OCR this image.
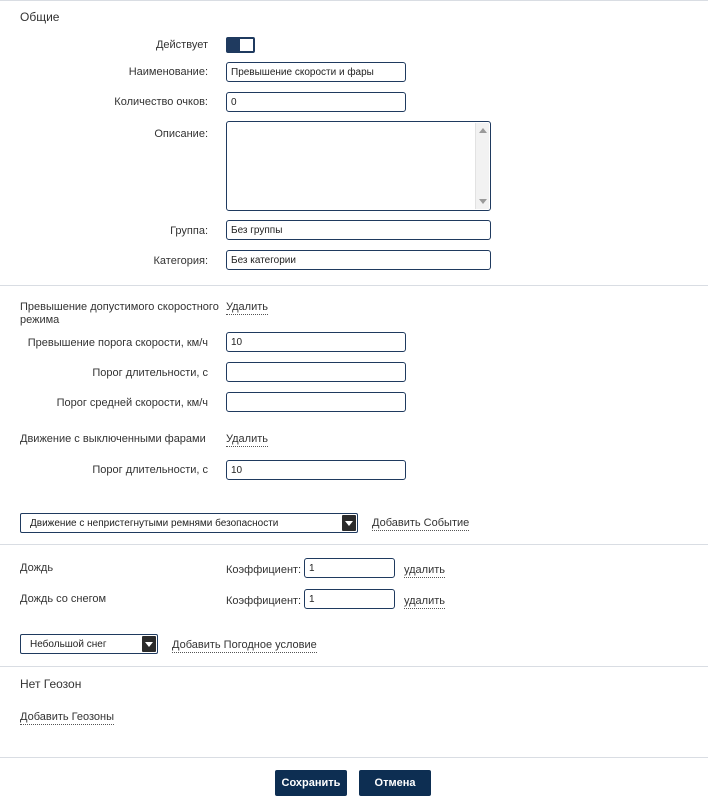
Общие
Действует
Наименование:	Превышение скорости и фары
Количество очков:	0
Описание:
Группа:	Без группы
Категория:	Без категории
Превышение допустимого скоростного режима
Удалить
Превышение порога скорости, км/ч	10
Порог длительности, с
Порог средней скорости, км/ч
Движение с выключенными фарами Удалить
Порог длительности, с	10
Движение с непристегнутыми ремнями безопасности	Добавить Событие
Дождь	Коэффициент: 1	удалить
Дождь со снегом	Коэффициент: 1	удалить
Небольшой снег	Добавить Погодное условие
Нет Геозон
Добавить Геозоны
Сохранить	Отмена
